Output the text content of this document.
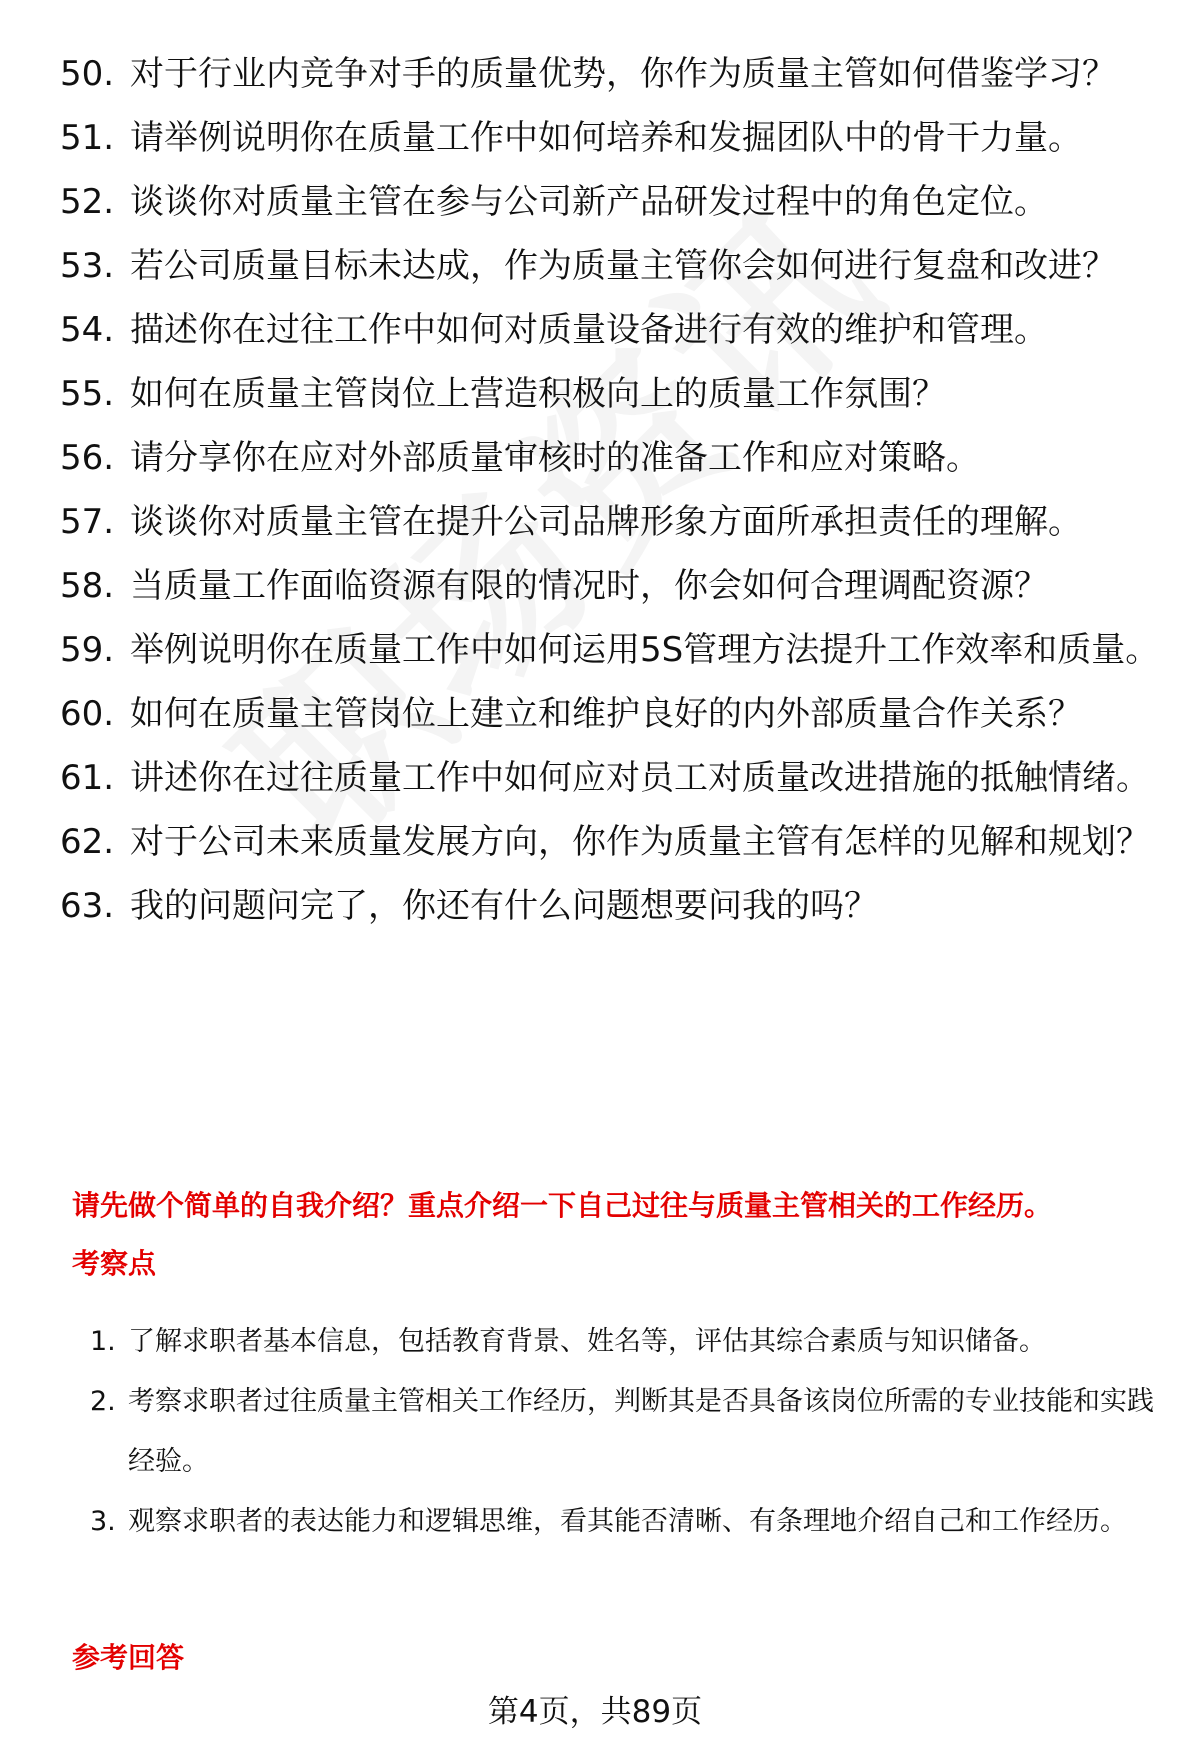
50. 对于行业内竞争对手的质量优势，你作为质量主管如何借鉴学习？
51. 请举例说明你在质量工作中如何培养和发掘团队中的骨干力量。
52. 谈谈你对质量主管在参与公司新产品研发过程中的角色定位。
53. 若公司质量目标未达成，作为质量主管你会如何进行复盘和改进？
54. 描述你在过往工作中如何对质量设备进行有效的维护和管理。
55. 如何在质量主管岗位上营造积极向上的质量工作氛围？
56. 请分享你在应对外部质量审核时的准备工作和应对策略。
57. 谈谈你对质量主管在提升公司品牌形象方面所承担责任的理解。
58. 当质量工作面临资源有限的情况时，你会如何合理调配资源？
59. 举例说明你在质量工作中如何运用5S管理方法提升工作效率和质量。
60. 如何在质量主管岗位上建立和维护良好的内外部质量合作关系？
61. 讲述你在过往质量工作中如何应对员工对质量改进措施的抵触情绪。
62. 对于公司未来质量发展方向，你作为质量主管有怎样的见解和规划？
63. 我的问题问完了，你还有什么问题想要问我的吗？
请先做个简单的自我介绍？重点介绍一下自己过往与质量主管相关的工作经历。
考察点
1. 了解求职者基本信息，包括教育背景、姓名等，评估其综合素质与知识储备。
2. 考察求职者过往质量主管相关工作经历，判断其是否具备该岗位所需的专业技能和实践经验。
3. 观察求职者的表达能力和逻辑思维，看其能否清晰、有条理地介绍自己和工作经历。
参考回答
第4页，共89页
